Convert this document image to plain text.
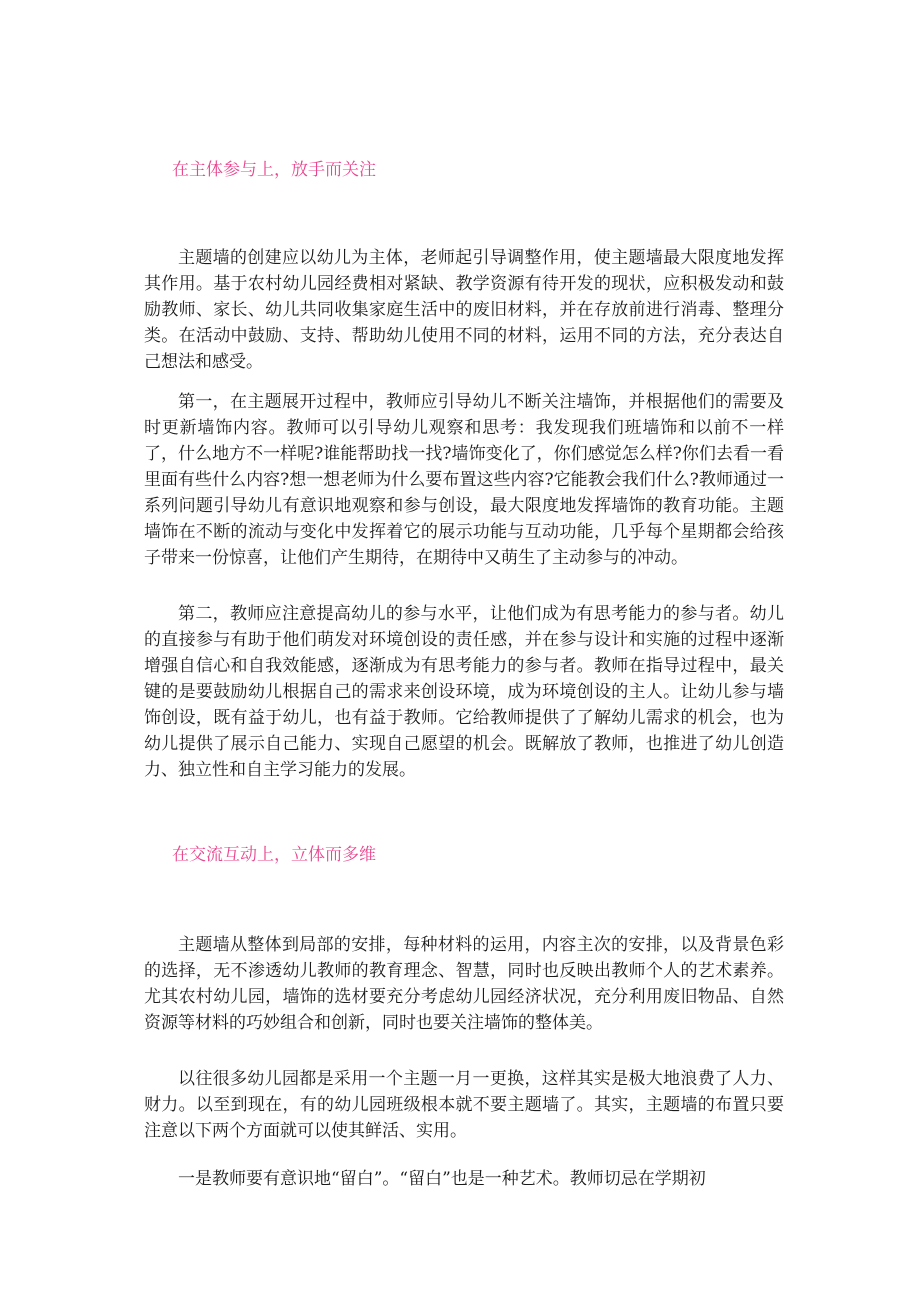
在主体参与上，放手而关注

主题墙的创建应以幼儿为主体，老师起引导调整作用，使主题墙最大限度地发挥其作用。基于农村幼儿园经费相对紧缺、教学资源有待开发的现状，应积极发动和鼓励教师、家长、幼儿共同收集家庭生活中的废旧材料，并在存放前进行消毒、整理分类。在活动中鼓励、支持、帮助幼儿使用不同的材料，运用不同的方法，充分表达自己想法和感受。

第一，在主题展开过程中，教师应引导幼儿不断关注墙饰，并根据他们的需要及时更新墙饰内容。教师可以引导幼儿观察和思考：我发现我们班墙饰和以前不一样了，什么地方不一样呢?谁能帮助找一找?墙饰变化了，你们感觉怎么样?你们去看一看里面有些什么内容?想一想老师为什么要布置这些内容?它能教会我们什么?教师通过一系列问题引导幼儿有意识地观察和参与创设，最大限度地发挥墙饰的教育功能。主题墙饰在不断的流动与变化中发挥着它的展示功能与互动功能，几乎每个星期都会给孩子带来一份惊喜，让他们产生期待，在期待中又萌生了主动参与的冲动。

第二，教师应注意提高幼儿的参与水平，让他们成为有思考能力的参与者。幼儿的直接参与有助于他们萌发对环境创设的责任感，并在参与设计和实施的过程中逐渐增强自信心和自我效能感，逐渐成为有思考能力的参与者。教师在指导过程中，最关键的是要鼓励幼儿根据自己的需求来创设环境，成为环境创设的主人。让幼儿参与墙饰创设，既有益于幼儿，也有益于教师。它给教师提供了了解幼儿需求的机会，也为幼儿提供了展示自己能力、实现自己愿望的机会。既解放了教师，也推进了幼儿创造力、独立性和自主学习能力的发展。

在交流互动上，立体而多维

主题墙从整体到局部的安排，每种材料的运用，内容主次的安排，以及背景色彩的选择，无不渗透幼儿教师的教育理念、智慧，同时也反映出教师个人的艺术素养。尤其农村幼儿园，墙饰的选材要充分考虑幼儿园经济状况，充分利用废旧物品、自然资源等材料的巧妙组合和创新，同时也要关注墙饰的整体美。

以往很多幼儿园都是采用一个主题一月一更换，这样其实是极大地浪费了人力、财力。以至到现在，有的幼儿园班级根本就不要主题墙了。其实，主题墙的布置只要注意以下两个方面就可以使其鲜活、实用。

一是教师要有意识地“留白”。“留白”也是一种艺术。教师切忌在学期初
